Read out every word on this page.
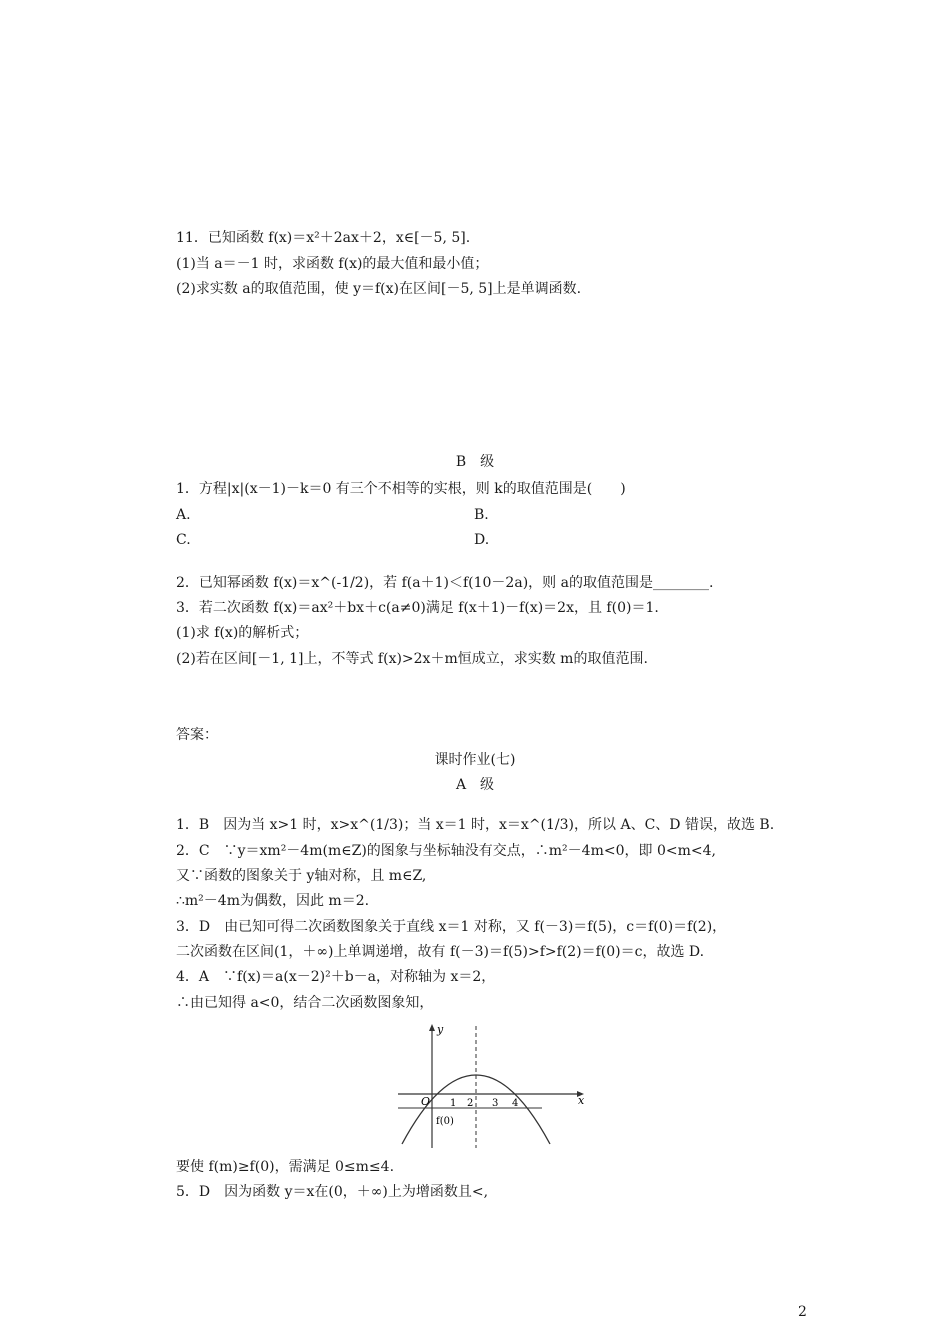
11．已知函数 f(x)＝x²＋2ax＋2，x∈[－5, 5].
(1)当 a＝－1 时，求函数 f(x)的最大值和最小值；
(2)求实数 a的取值范围，使 y＝f(x)在区间[－5, 5]上是单调函数.
B　级
1．方程|x|(x－1)－k＝0 有三个不相等的实根，则 k的取值范围是(　　)
A.	B.
C.	D.
2．已知幂函数 f(x)＝x^(-1/2)，若 f(a＋1)＜f(10－2a)，则 a的取值范围是________.
3．若二次函数 f(x)＝ax²＋bx＋c(a≠0)满足 f(x＋1)－f(x)＝2x，且 f(0)＝1.
(1)求 f(x)的解析式；
(2)若在区间[－1, 1]上，不等式 f(x)>2x＋m恒成立，求实数 m的取值范围.
答案：
课时作业(七)
A　级
1．B　因为当 x>1 时，x>x^(1/3)；当 x＝1 时，x＝x^(1/3)，所以 A、C、D 错误，故选 B.
2．C　∵y＝xm²－4m(m∈Z)的图象与坐标轴没有交点，∴m²－4m<0，即 0<m<4,
又∵函数的图象关于 y轴对称，且 m∈Z,
∴m²－4m为偶数，因此 m＝2.
3．D　由已知可得二次函数图象关于直线 x＝1 对称，又 f(－3)＝f(5)，c＝f(0)＝f(2)，
二次函数在区间(1，＋∞)上单调递增，故有 f(－3)＝f(5)>f>f(2)＝f(0)＝c，故选 D.
4．A　∵f(x)＝a(x－2)²＋b－a，对称轴为 x＝2，
∴由已知得 a<0，结合二次函数图象知，
y
x
O 1 2 3 4
f(0)
要使 f(m)≥f(0)，需满足 0≤m≤4.
5．D　因为函数 y＝x在(0，＋∞)上为增函数且<,
2
